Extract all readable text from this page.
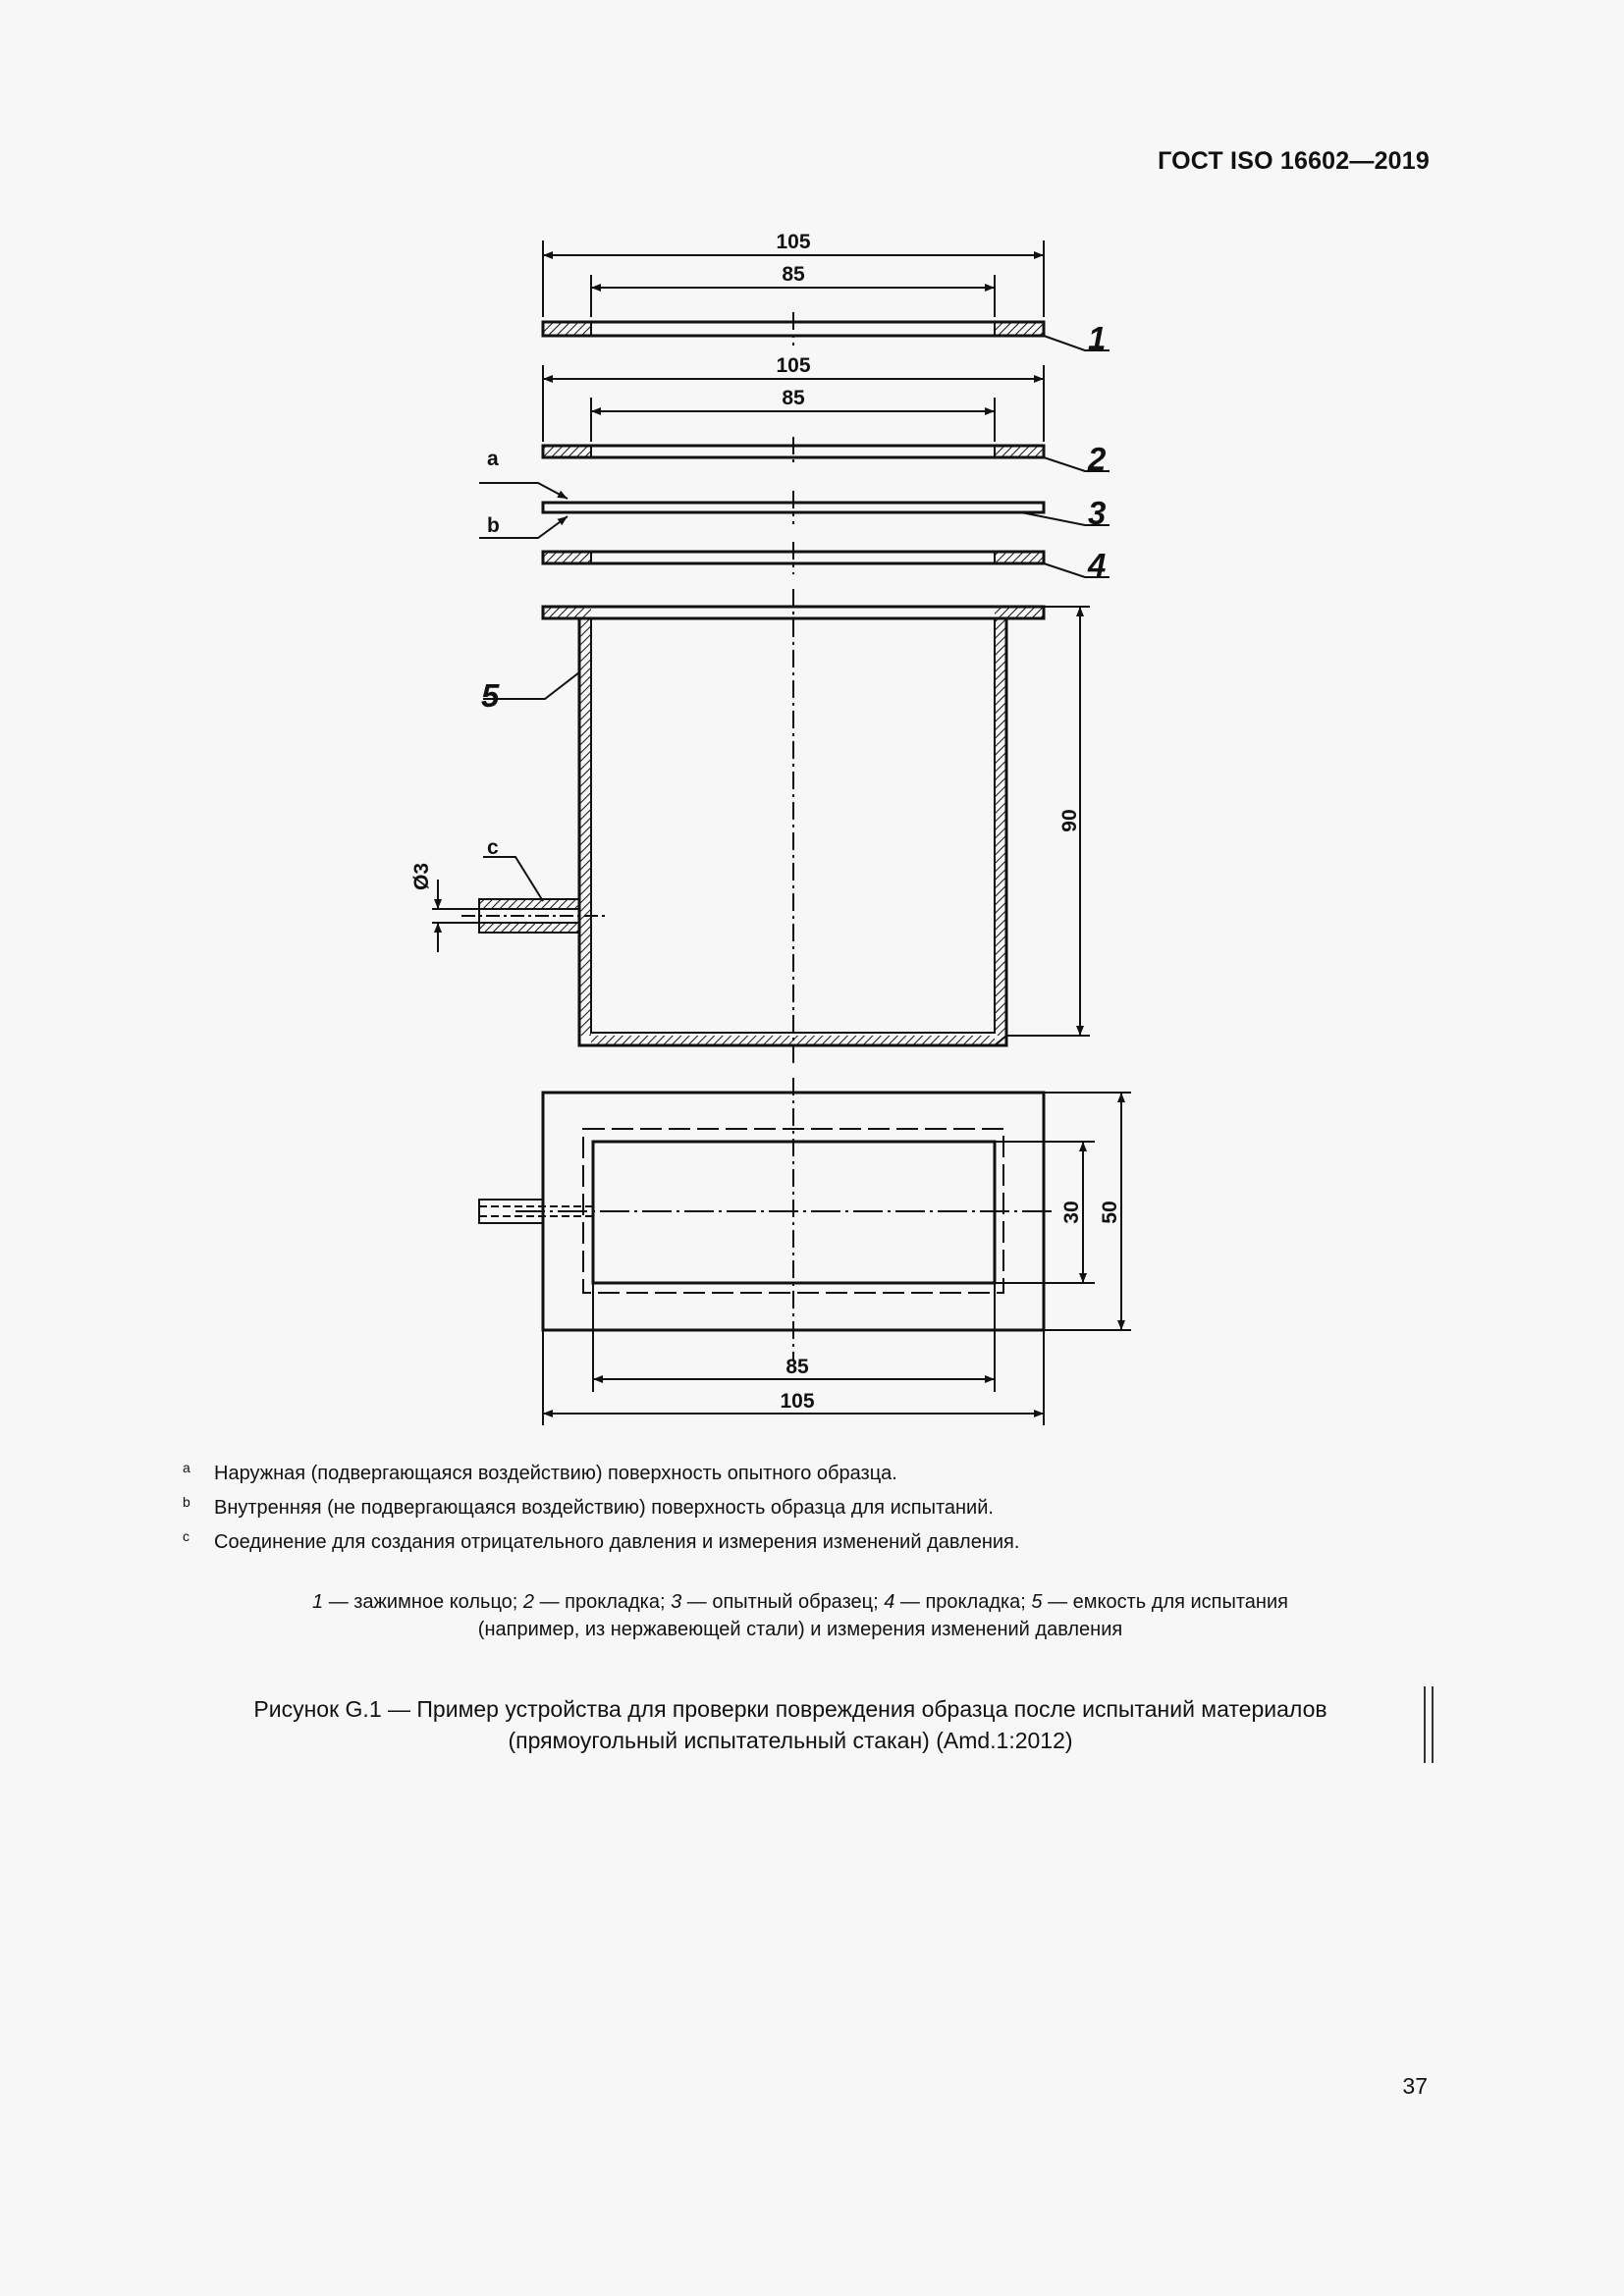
ГОСТ ISO 16602—2019
105
85
105
85
90
Ø3
30 50
85
105
1
2
3
4
5
a
b
c
a Наружная (подвергающаяся воздействию) поверхность опытного образца.
b Внутренняя (не подвергающаяся воздействию) поверхность образца для испытаний.
c Соединение для создания отрицательного давления и измерения изменений давления.
1 — зажимное кольцо; 2 — прокладка; 3 — опытный образец; 4 — прокладка; 5 — емкость для испытания
(например, из нержавеющей стали) и измерения изменений давления
Рисунок G.1 — Пример устройства для проверки повреждения образца после испытаний материалов
(прямоугольный испытательный стакан) (Amd.1:2012)
37
